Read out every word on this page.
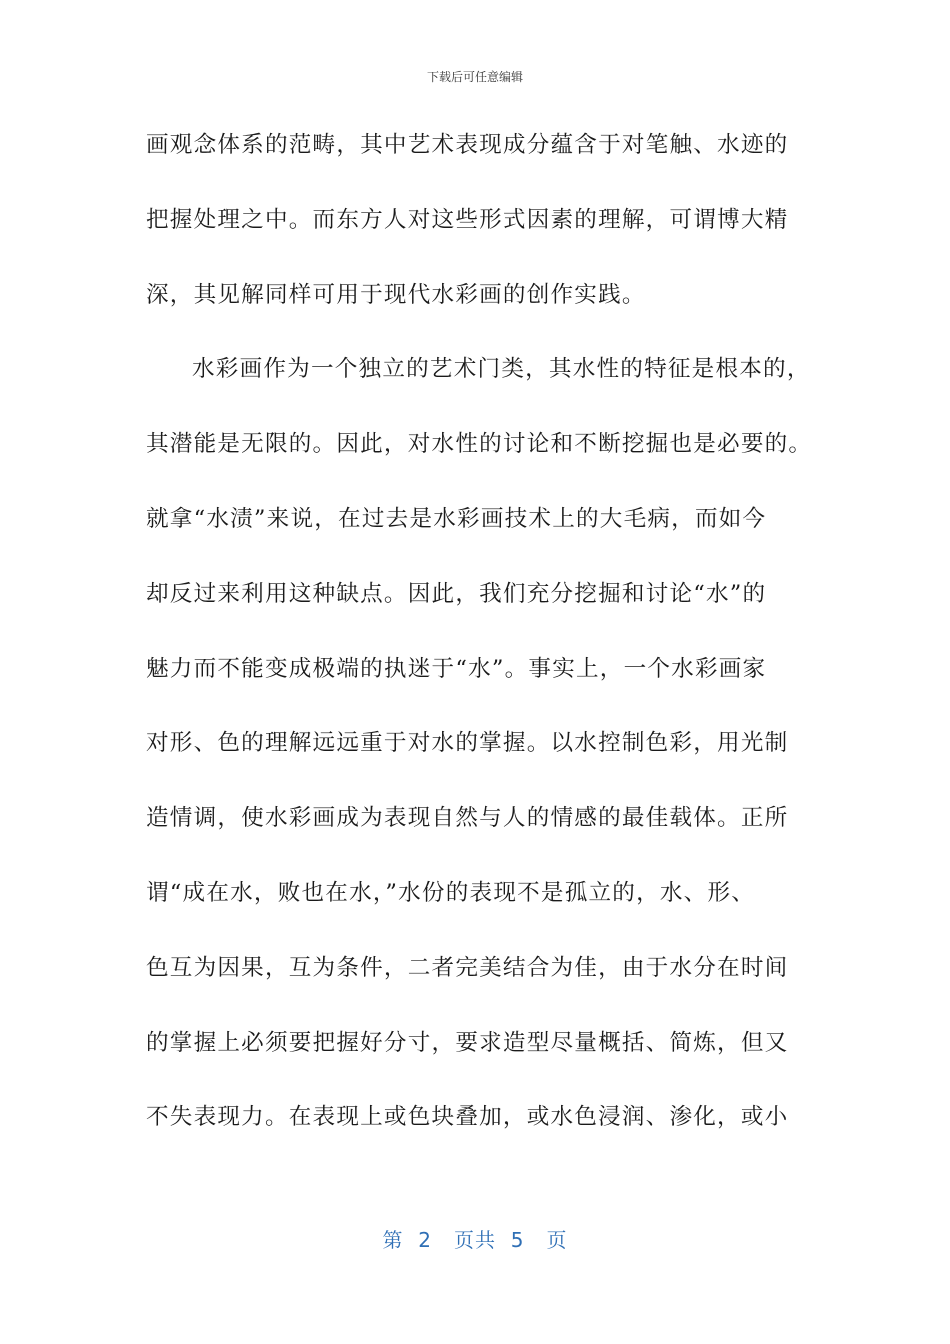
下载后可任意编辑
画观念体系的范畴，其中艺术表现成分蕴含于对笔触、水迹的
把握处理之中。而东方人对这些形式因素的理解，可谓博大精
深，其见解同样可用于现代水彩画的创作实践。
水彩画作为一个独立的艺术门类，其水性的特征是根本的，
其潜能是无限的。因此，对水性的讨论和不断挖掘也是必要的。
就拿“水渍”来说，在过去是水彩画技术上的大毛病，而如今
却反过来利用这种缺点。因此，我们充分挖掘和讨论“水”的
魅力而不能变成极端的执迷于“水”。事实上，一个水彩画家
对形、色的理解远远重于对水的掌握。以水控制色彩，用光制
造情调，使水彩画成为表现自然与人的情感的最佳载体。正所
谓“成在水，败也在水，”水份的表现不是孤立的，水、形、
色互为因果，互为条件，二者完美结合为佳，由于水分在时间
的掌握上必须要把握好分寸，要求造型尽量概括、简炼，但又
不失表现力。在表现上或色块叠加，或水色浸润、渗化，或小
第 2 页共 5 页
